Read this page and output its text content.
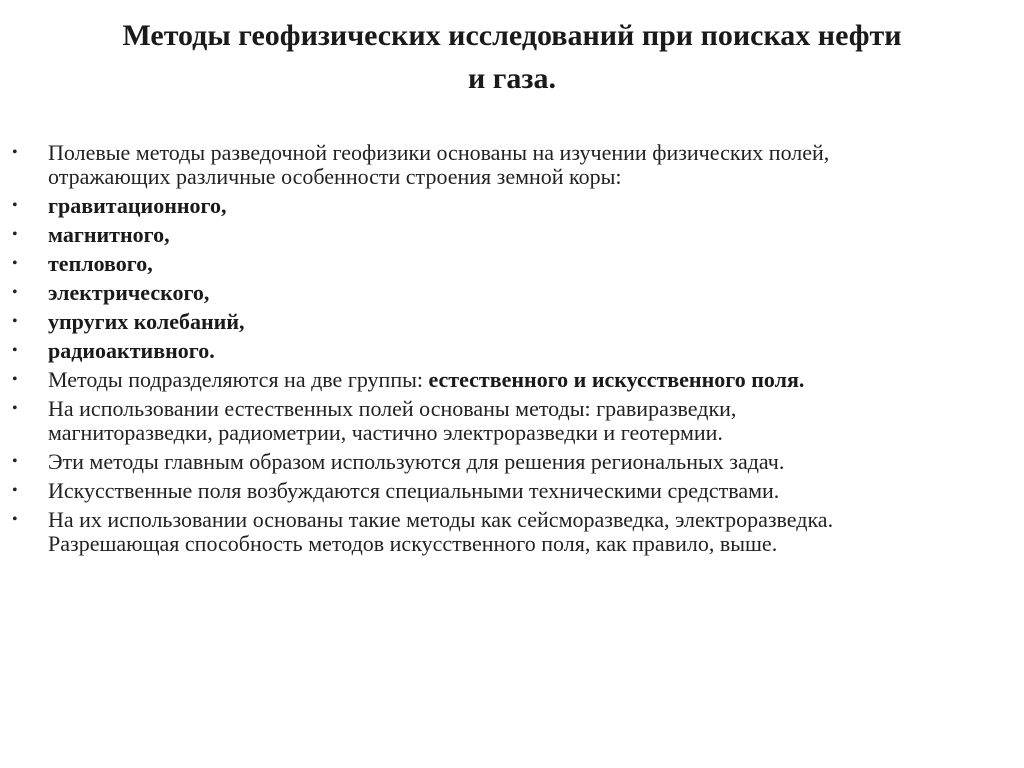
Методы геофизических исследований при поисках нефти
и газа.
• Полевые методы разведочной геофизики основаны на изучении физических полей,
отражающих различные особенности строения земной коры:
• гравитационного,
• магнитного,
• теплового,
• электрического,
• упругих колебаний,
• радиоактивного.
• Методы подразделяются на две группы: естественного и искусственного поля.
• На использовании естественных полей основаны методы: гравиразведки,
магниторазведки, радиометрии, частично электроразведки и геотермии.
• Эти методы главным образом используются для решения региональных задач.
• Искусственные поля возбуждаются специальными техническими средствами.
• На их использовании основаны такие методы как сейсморазведка, электроразведка.
Разрешающая способность методов искусственного поля, как правило, выше.
